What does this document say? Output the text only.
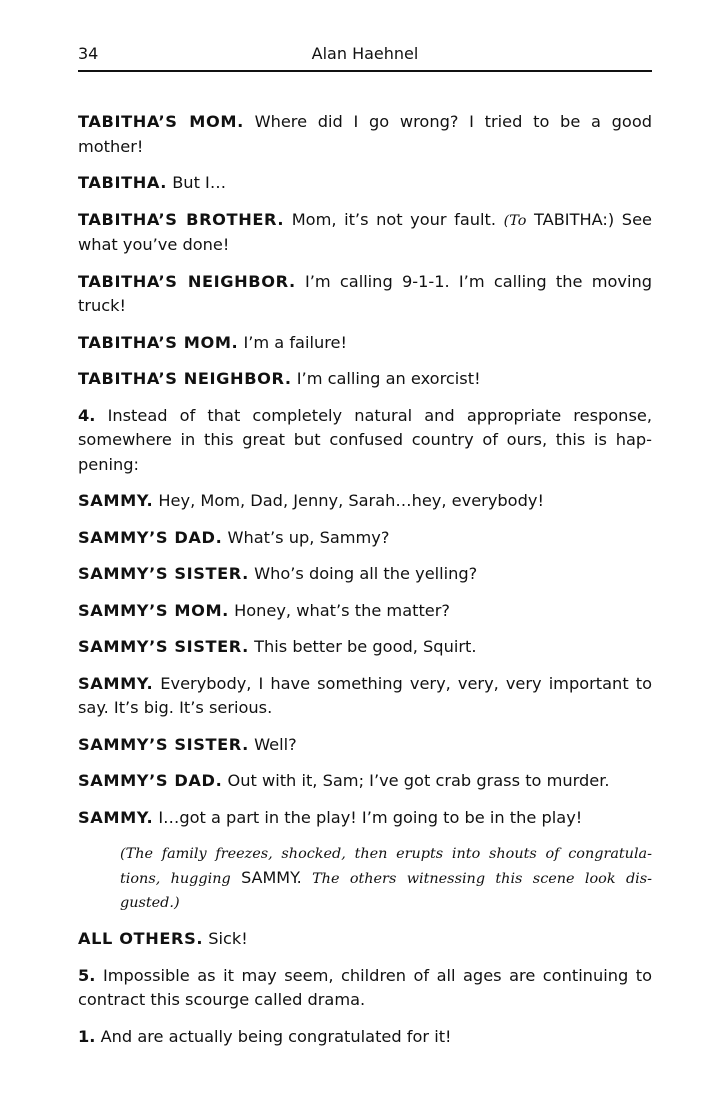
34	Alan Haehnel

TABITHA’S MOM. Where did I go wrong? I tried to be a good mother!

TABITHA. But I…

TABITHA’S BROTHER. Mom, it’s not your fault. (To TABITHA:) See what you’ve done!

TABITHA’S NEIGHBOR. I’m calling 9-1-1. I’m calling the moving truck!

TABITHA’S MOM. I’m a failure!

TABITHA’S NEIGHBOR. I’m calling an exorcist!

4. Instead of that completely natural and appropriate response, somewhere in this great but confused country of ours, this is hap-pening:

SAMMY. Hey, Mom, Dad, Jenny, Sarah…hey, everybody!

SAMMY’S DAD. What’s up, Sammy?

SAMMY’S SISTER. Who’s doing all the yelling?

SAMMY’S MOM. Honey, what’s the matter?

SAMMY’S SISTER. This better be good, Squirt.

SAMMY. Everybody, I have something very, very, very important to say. It’s big. It’s serious.

SAMMY’S SISTER. Well?

SAMMY’S DAD. Out with it, Sam; I’ve got crab grass to murder.

SAMMY. I…got a part in the play! I’m going to be in the play!

(The family freezes, shocked, then erupts into shouts of congratula-tions, hugging SAMMY. The others witnessing this scene look dis-gusted.)

ALL OTHERS. Sick!

5. Impossible as it may seem, children of all ages are continuing to contract this scourge called drama.

1. And are actually being congratulated for it!
